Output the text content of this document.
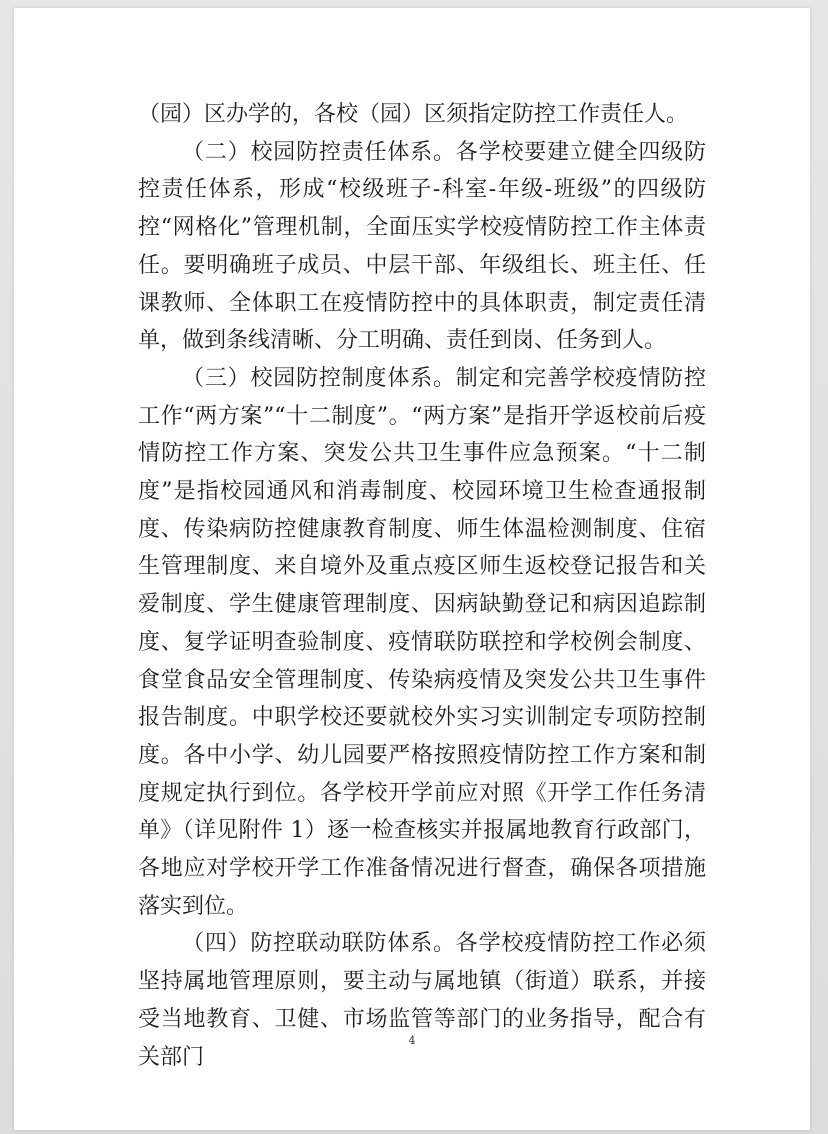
（园）区办学的，各校（园）区须指定防控工作责任人。

（二）校园防控责任体系。各学校要建立健全四级防控责任体系，形成“校级班子-科室-年级-班级”的四级防控“网格化”管理机制，全面压实学校疫情防控工作主体责任。要明确班子成员、中层干部、年级组长、班主任、任课教师、全体职工在疫情防控中的具体职责，制定责任清单，做到条线清晰、分工明确、责任到岗、任务到人。

（三）校园防控制度体系。制定和完善学校疫情防控工作“两方案”“十二制度”。“两方案”是指开学返校前后疫情防控工作方案、突发公共卫生事件应急预案。“十二制度”是指校园通风和消毒制度、校园环境卫生检查通报制度、传染病防控健康教育制度、师生体温检测制度、住宿生管理制度、来自境外及重点疫区师生返校登记报告和关爱制度、学生健康管理制度、因病缺勤登记和病因追踪制度、复学证明查验制度、疫情联防联控和学校例会制度、食堂食品安全管理制度、传染病疫情及突发公共卫生事件报告制度。中职学校还要就校外实习实训制定专项防控制度。各中小学、幼儿园要严格按照疫情防控工作方案和制度规定执行到位。各学校开学前应对照《开学工作任务清单》（详见附件 1）逐一检查核实并报属地教育行政部门，各地应对学校开学工作准备情况进行督查，确保各项措施落实到位。

（四）防控联动联防体系。各学校疫情防控工作必须坚持属地管理原则，要主动与属地镇（街道）联系，并接受当地教育、卫健、市场监管等部门的业务指导，配合有关部门

4
